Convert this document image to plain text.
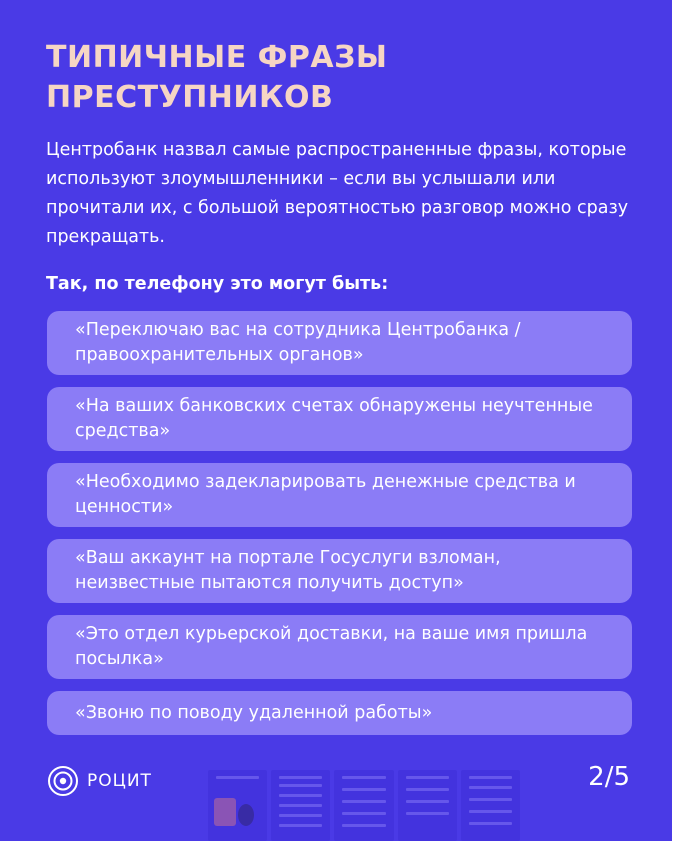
ТИПИЧНЫЕ ФРАЗЫ
ПРЕСТУПНИКОВ

Центробанк назвал самые распространенные фразы, которые используют злоумышленники – если вы услышали или прочитали их, с большой вероятностью разговор можно сразу прекращать.

Так, по телефону это могут быть:

«Переключаю вас на сотрудника Центробанка / правоохранительных органов»
«На ваших банковских счетах обнаружены неучтенные средства»
«Необходимо задекларировать денежные средства и ценности»
«Ваш аккаунт на портале Госуслуги взломан, неизвестные пытаются получить доступ»
«Это отдел курьерской доставки, на ваше имя пришла посылка»
«Звоню по поводу удаленной работы»
РОЦИТ	2/5
